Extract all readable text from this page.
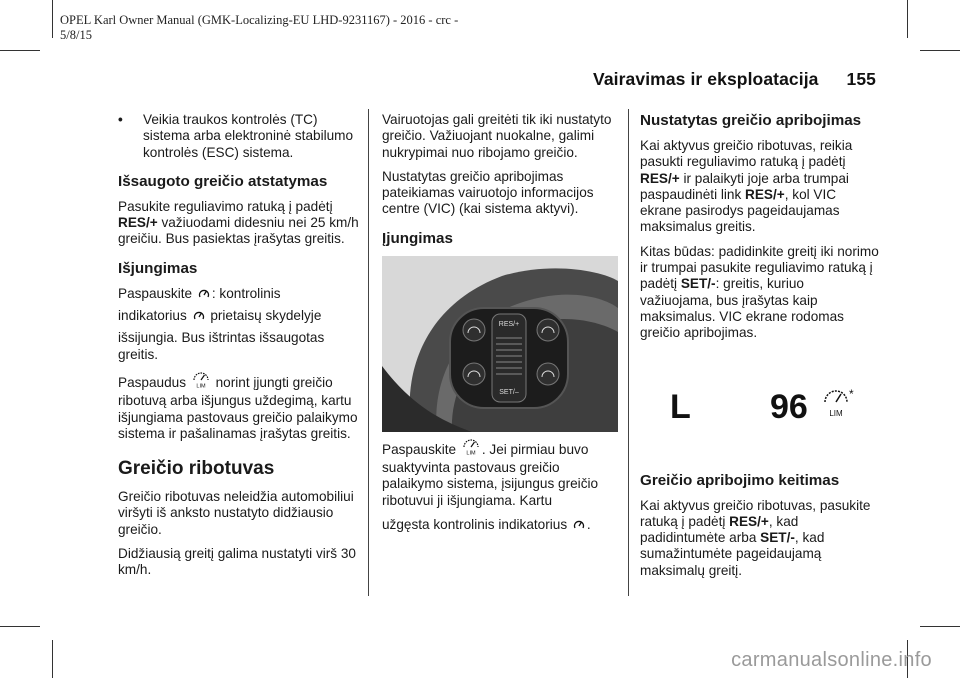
OPEL Karl Owner Manual (GMK-Localizing-EU LHD-9231167) - 2016 - crc -
5/8/15
Vairavimas ir eksploatacija 155
•	Veikia traukos kontrolės (TC) sistema arba elektroninė stabilumo kontrolės (ESC) sistema.
Išsaugoto greičio atstatymas

Pasukite reguliavimo ratuką į padėtį RES/+ važiuodami didesniu nei 25 km/h greičiu. Bus pasiektas įrašytas greitis.

Išjungimas

Paspauskite : kontrolinis

indikatorius  prietaisų skydelyje

išsijungia. Bus ištrintas išsaugotas greitis.

Paspaudus LIM norint įjungti greičio ribotuvą arba išjungus uždegimą, kartu išjungiama pastovaus greičio palaikymo sistema ir pašalinamas įrašytas greitis.

Greičio ribotuvas

Greičio ribotuvas neleidžia automobiliui viršyti iš anksto nustatyto didžiausio greičio.

Didžiausią greitį galima nustatyti virš 30 km/h.

Vairuotojas gali greitėti tik iki nustatyto greičio. Važiuojant nuokalne, galimi nukrypimai nuo ribojamo greičio.

Nustatytas greičio apribojimas pateikiamas vairuotojo informacijos centre (VIC) (kai sistema aktyvi).

Įjungimas
RES/+
SET/–

Paspauskite LIM . Jei pirmiau buvo suaktyvinta pastovaus greičio palaikymo sistema, įsijungus greičio ribotuvui ji išjungiama. Kartu

užgęsta kontrolinis indikatorius .

Nustatytas greičio apribojimas

Kai aktyvus greičio ribotuvas, reikia pasukti reguliavimo ratuką į padėtį RES/+ ir palaikyti joje arba trumpai paspaudinėti link RES/+, kol VIC ekrane pasirodys pageidaujamas maksimalus greitis.

Kitas būdas: padidinkite greitį iki norimo ir trumpai pasukite reguliavimo ratuką į padėtį SET/-: greitis, kuriuo važiuojama, bus įrašytas kaip maksimalus. VIC ekrane rodomas greičio apribojimas.

L 96	LIM
*
Greičio apribojimo keitimas

Kai aktyvus greičio ribotuvas, pasukite ratuką į padėtį RES/+, kad padidintumėte arba SET/-, kad sumažintumėte pageidaujamą maksimalų greitį.

carmanualsonline.info
